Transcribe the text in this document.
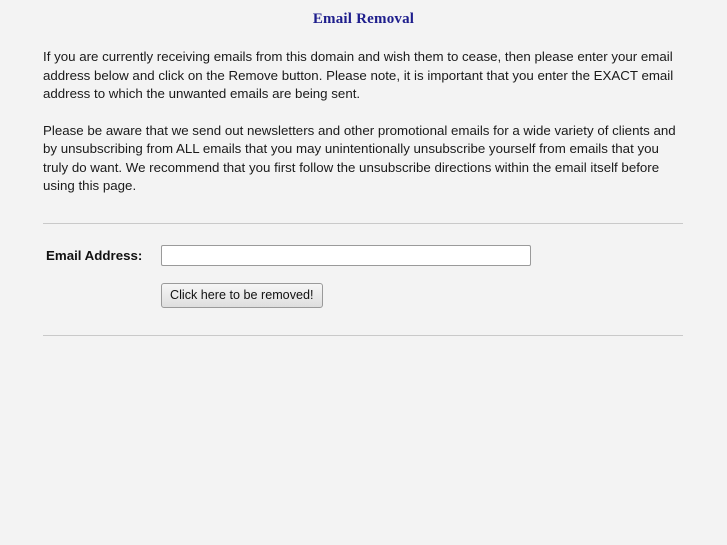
Email Removal

If you are currently receiving emails from this domain and wish them to cease, then please enter your email address below and click on the Remove button. Please note, it is important that you enter the EXACT email address to which the unwanted emails are being sent.

Please be aware that we send out newsletters and other promotional emails for a wide variety of clients and by unsubscribing from ALL emails that you may unintentionally unsubscribe yourself from emails that you truly do want. We recommend that you first follow the unsubscribe directions within the email itself before using this page.

Email Address:
Click here to be removed!
